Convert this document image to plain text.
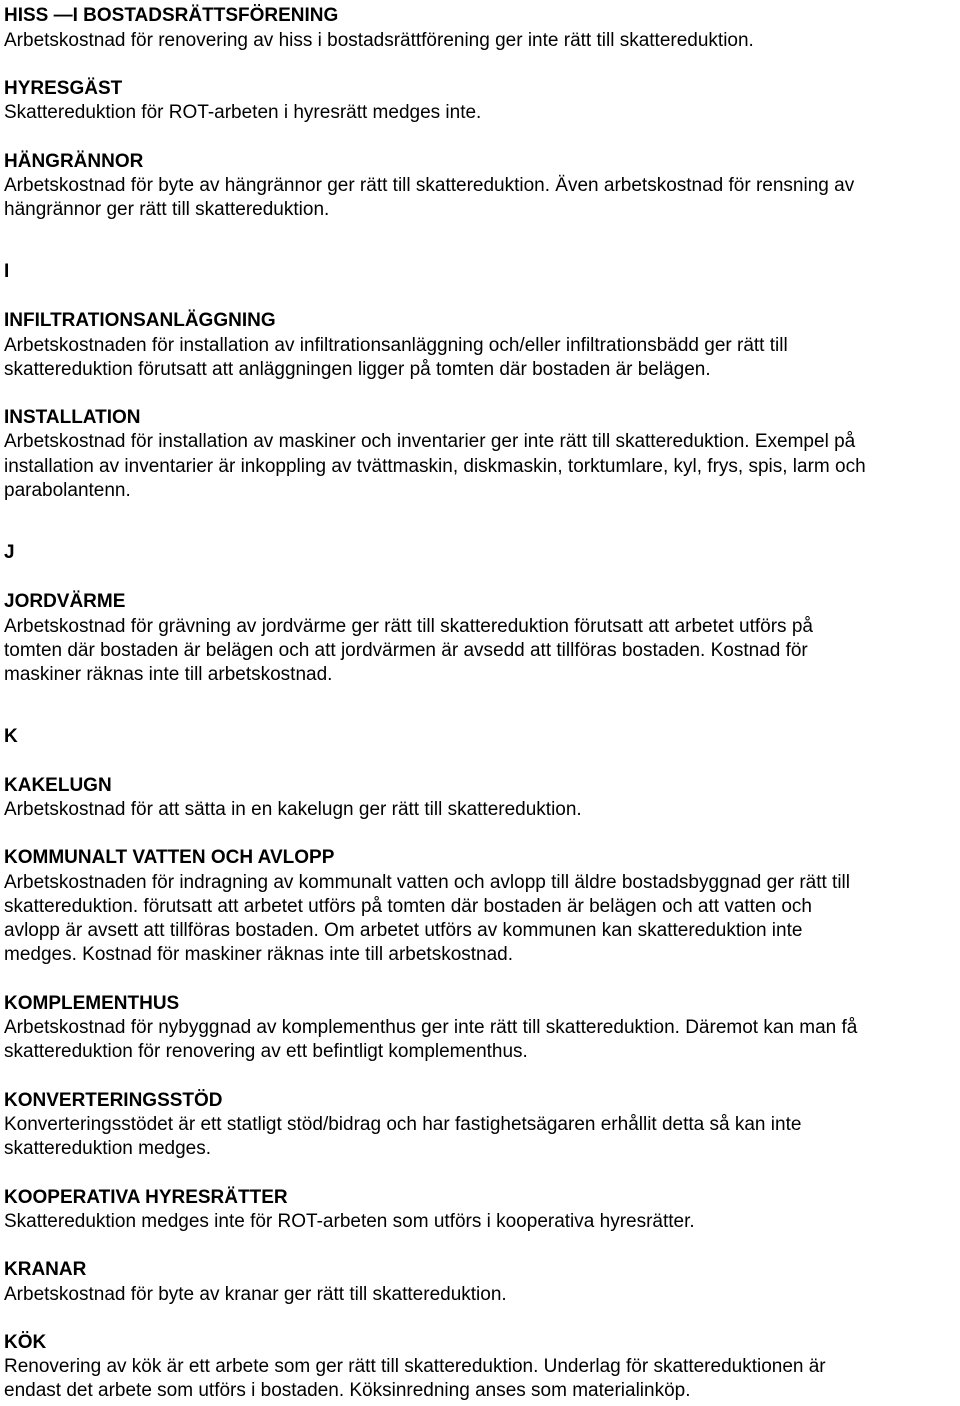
HISS —I BOSTADSRÄTTSFÖRENING
Arbetskostnad för renovering av hiss i bostadsrättförening ger inte rätt till skattereduktion.
HYRESGÄST
Skattereduktion för ROT-arbeten i hyresrätt medges inte.
HÄNGRÄNNOR
Arbetskostnad för byte av hängrännor ger rätt till skattereduktion. Även arbetskostnad för rensning av
hängrännor ger rätt till skattereduktion.
I
INFILTRATIONSANLÄGGNING
Arbetskostnaden för installation av infiltrationsanläggning och/eller infiltrationsbädd ger rätt till
skattereduktion förutsatt att anläggningen ligger på tomten där bostaden är belägen.
INSTALLATION
Arbetskostnad för installation av maskiner och inventarier ger inte rätt till skattereduktion. Exempel på
installation av inventarier är inkoppling av tvättmaskin, diskmaskin, torktumlare, kyl, frys, spis, larm och
parabolantenn.
J
JORDVÄRME
Arbetskostnad för grävning av jordvärme ger rätt till skattereduktion förutsatt att arbetet utförs på
tomten där bostaden är belägen och att jordvärmen är avsedd att tillföras bostaden. Kostnad för
maskiner räknas inte till arbetskostnad.
K
KAKELUGN
Arbetskostnad för att sätta in en kakelugn ger rätt till skattereduktion.
KOMMUNALT VATTEN OCH AVLOPP
Arbetskostnaden för indragning av kommunalt vatten och avlopp till äldre bostadsbyggnad ger rätt till
skattereduktion. förutsatt att arbetet utförs på tomten där bostaden är belägen och att vatten och
avlopp är avsett att tillföras bostaden. Om arbetet utförs av kommunen kan skattereduktion inte
medges. Kostnad för maskiner räknas inte till arbetskostnad.
KOMPLEMENTHUS
Arbetskostnad för nybyggnad av komplementhus ger inte rätt till skattereduktion. Däremot kan man få
skattereduktion för renovering av ett befintligt komplementhus.
KONVERTERINGSSTÖD
Konverteringsstödet är ett statligt stöd/bidrag och har fastighetsägaren erhållit detta så kan inte
skattereduktion medges.
KOOPERATIVA HYRESRÄTTER
Skattereduktion medges inte för ROT-arbeten som utförs i kooperativa hyresrätter.
KRANAR
Arbetskostnad för byte av kranar ger rätt till skattereduktion.
KÖK
Renovering av kök är ett arbete som ger rätt till skattereduktion. Underlag för skattereduktionen är
endast det arbete som utförs i bostaden. Köksinredning anses som materialinköp.
